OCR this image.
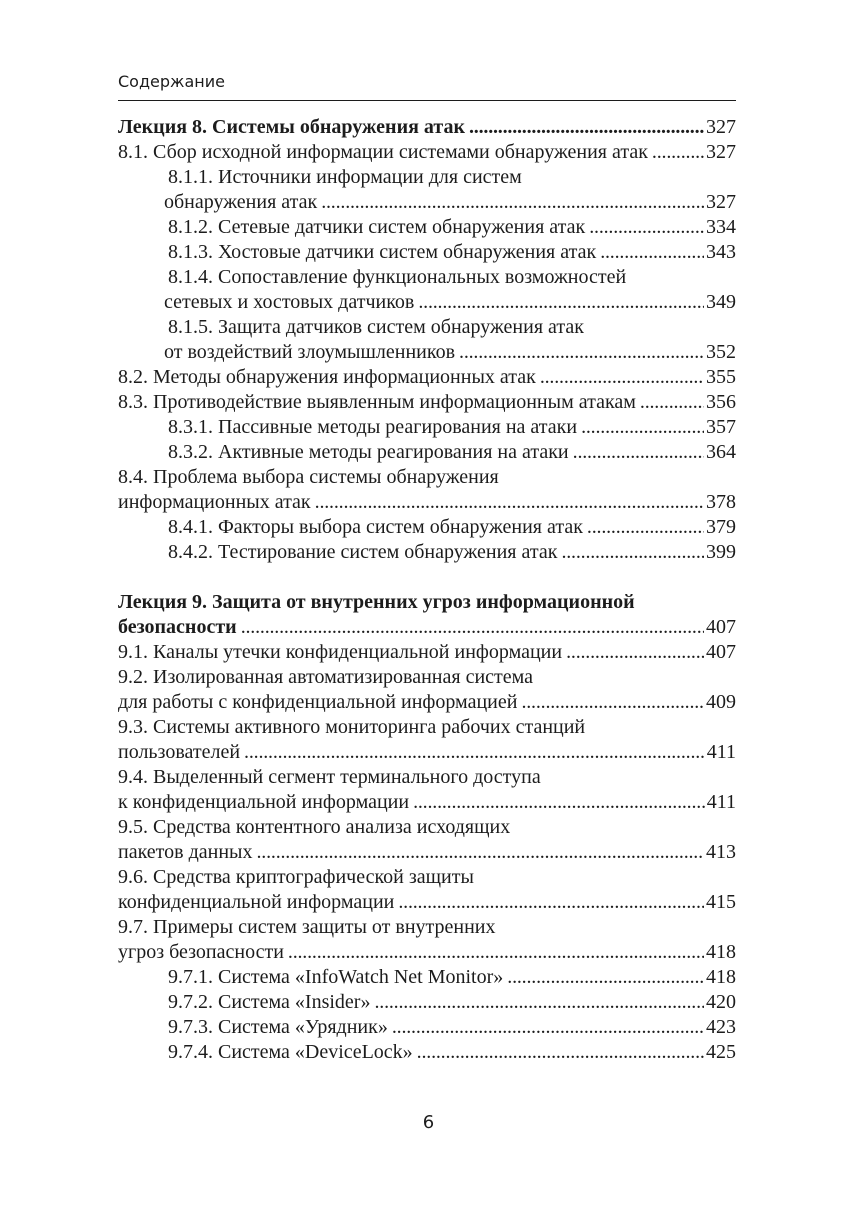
Содержание
Лекция 8. Системы обнаружения атак . . .	327
8.1. Сбор исходной информации системами обнаружения атак . . .	327
8.1.1. Источники информации для систем
обнаружения атак . . .	327
8.1.2. Сетевые датчики систем обнаружения атак . . .	334
8.1.3. Хостовые датчики систем обнаружения атак . . .	343
8.1.4. Сопоставление функциональных возможностей
сетевых и хостовых датчиков . . .	349
8.1.5. Защита датчиков систем обнаружения атак
от воздействий злоумышленников . . .	352
8.2. Методы обнаружения информационных атак . . .	355
8.3. Противодействие выявленным информационным атакам . . .	356
8.3.1. Пассивные методы реагирования на атаки . . .	357
8.3.2. Активные методы реагирования на атаки . . .	364
8.4. Проблема выбора системы обнаружения
информационных атак . . .	378
8.4.1. Факторы выбора систем обнаружения атак . . .	379
8.4.2. Тестирование систем обнаружения атак . . .	399
Лекция 9. Защита от внутренних угроз информационной
безопасности . . .	407
9.1. Каналы утечки конфиденциальной информации . . .	407
9.2. Изолированная автоматизированная система
для работы с конфиденциальной информацией . . .	409
9.3. Системы активного мониторинга рабочих станций
пользователей . . .	411
9.4. Выделенный сегмент терминального доступа
к конфиденциальной информации . . .	411
9.5. Средства контентного анализа исходящих
пакетов данных . . .	413
9.6. Средства криптографической защиты
конфиденциальной информации . . .	415
9.7. Примеры систем защиты от внутренних
угроз безопасности . . .	418
9.7.1. Система «InfoWatch Net Monitor» . . .	418
9.7.2. Система «Insider» . . .	420
9.7.3. Система «Урядник» . . .	423
9.7.4. Система «DeviceLock» . . .	425
6
